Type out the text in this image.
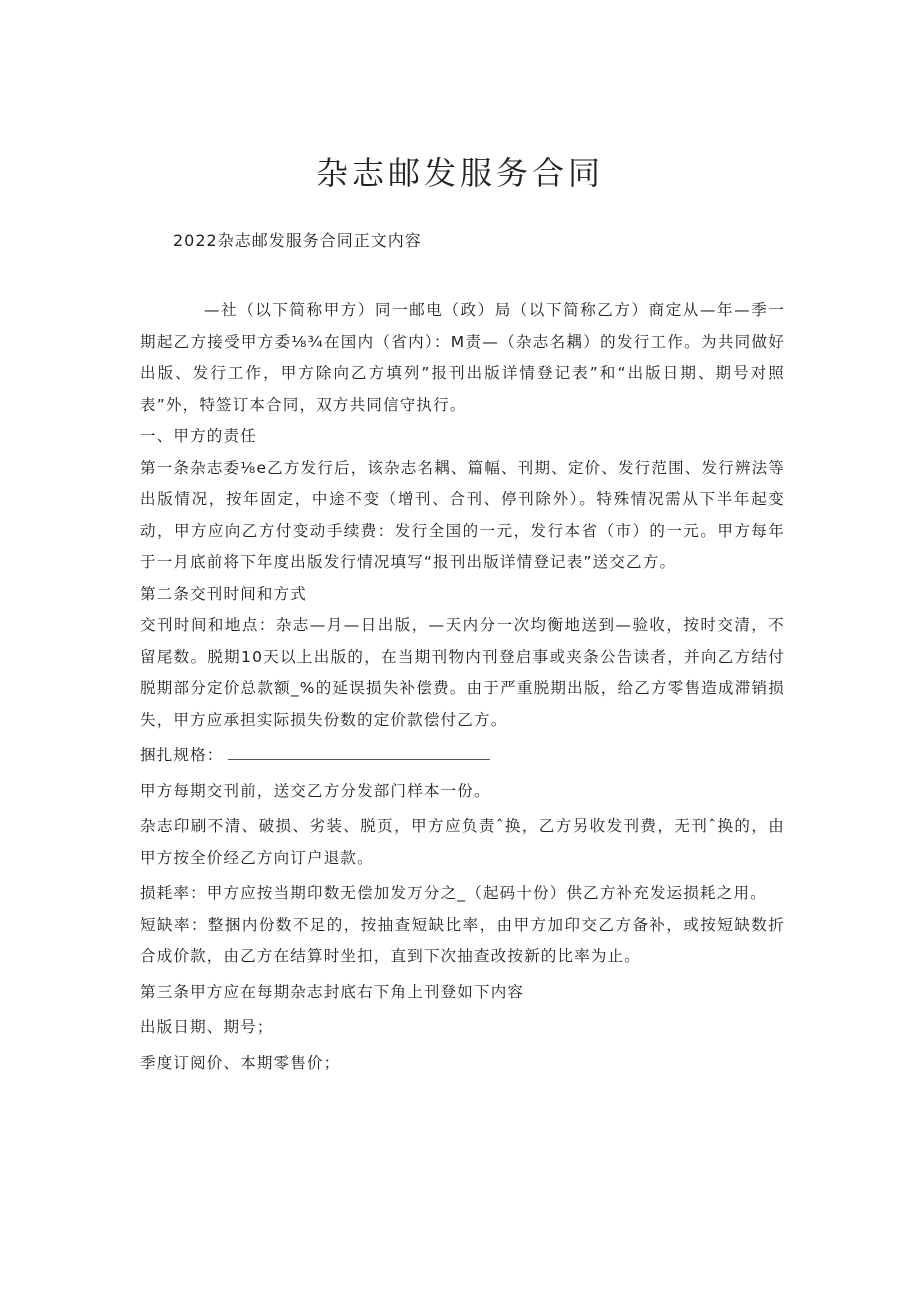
杂志邮发服务合同
2022杂志邮发服务合同正文内容

—社（以下简称甲方）同一邮电（政）局（以下简称乙方）商定从—年—季一期起乙方接受甲方委⅛¾在国内（省内）：M责—（杂志名耦）的发行工作。为共同做好出版、发行工作，甲方除向乙方填列”报刊出版详情登记表”和“出版日期、期号对照表”外，特签订本合同，双方共同信守执行。

一、甲方的责任

第一条杂志委⅛e乙方发行后，该杂志名耦、篇幅、刊期、定价、发行范围、发行辨法等出版情况，按年固定，中途不变（增刊、合刊、停刊除外）。特殊情况需从下半年起变动，甲方应向乙方付变动手续费：发行全国的一元，发行本省（市）的一元。甲方每年于一月底前将下年度出版发行情况填写“报刊出版详情登记表”送交乙方。

第二条交刊时间和方式

交刊时间和地点：杂志—月—日出版，—天内分一次均衡地送到—验收，按时交清，不留尾数。脱期10天以上出版的，在当期刊物内刊登启事或夹条公告读者，并向乙方结付脱期部分定价总款额_%的延误损失补偿费。由于严重脱期出版，给乙方零售造成滞销损失，甲方应承担实际损失份数的定价款偿付乙方。

捆扎规格：

甲方每期交刊前，送交乙方分发部门样本一份。

杂志印刷不清、破损、劣装、脱页，甲方应负责ˆ换，乙方另收发刊费，无刊ˆ换的，由甲方按全价经乙方向订户退款。

损耗率：甲方应按当期印数无偿加发万分之_（起码十份）供乙方补充发运损耗之用。

短缺率：整捆内份数不足的，按抽查短缺比率，由甲方加印交乙方备补，或按短缺数折合成价款，由乙方在结算时坐扣，直到下次抽查改按新的比率为止。

第三条甲方应在每期杂志封底右下角上刊登如下内容

出版日期、期号；

季度订阅价、本期零售价；
